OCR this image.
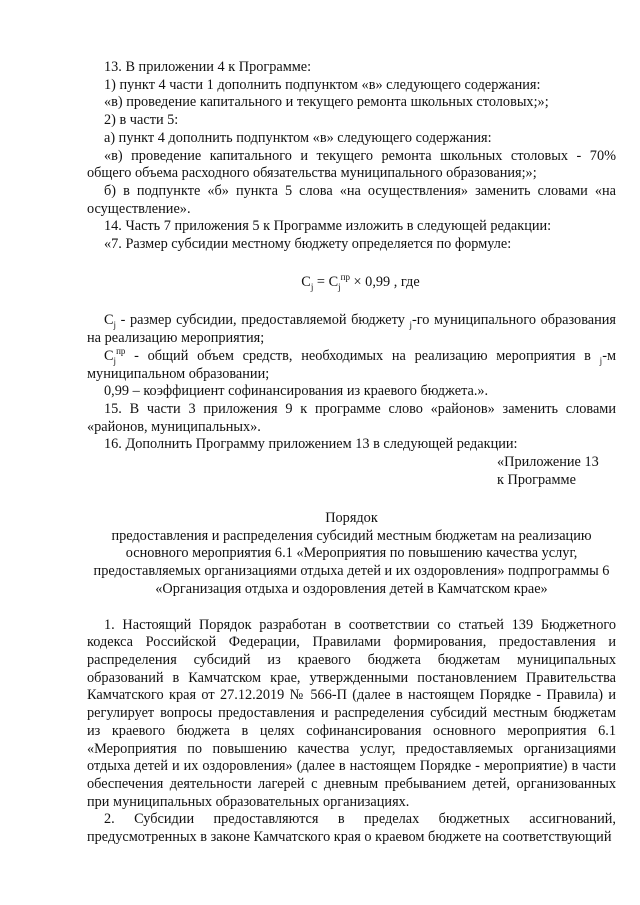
13. В приложении 4 к Программе:

1) пункт 4 части 1 дополнить подпунктом «в» следующего содержания:

«в) проведение капитального и текущего ремонта школьных столовых;»;

2) в части 5:

а) пункт 4 дополнить подпунктом «в» следующего содержания:

«в) проведение капитального и текущего ремонта школьных столовых - 70% общего объема расходного обязательства муниципального образования;»;

б) в подпункте «б» пункта 5 слова «на осуществления» заменить словами «на осуществление».

14. Часть 7 приложения 5 к Программе изложить в следующей редакции:

«7. Размер субсидии местному бюджету определяется по формуле:

$C_j = C_j^{пр} \times 0,99$ , где

$C_j$ - размер субсидии, предоставляемой бюджету $_j$-го муниципального образования на реализацию мероприятия;

$C_j^{пр}$ - общий объем средств, необходимых на реализацию мероприятия в $_j$-м муниципальном образовании;

0,99 – коэффициент софинансирования из краевого бюджета.».

15. В части 3 приложения 9 к программе слово «районов» заменить словами «районов, муниципальных».

16. Дополнить Программу приложением 13 в следующей редакции:

«Приложение 13

к Программе

Порядок

предоставления и распределения субсидий местным бюджетам на реализацию

основного мероприятия 6.1 «Мероприятия по повышению качества услуг,

предоставляемых организациями отдыха детей и их оздоровления» подпрограммы 6

«Организация отдыха и оздоровления детей в Камчатском крае»

1. Настоящий Порядок разработан в соответствии со статьей 139 Бюджетного кодекса Российской Федерации, Правилами формирования, предоставления и распределения субсидий из краевого бюджета бюджетам муниципальных образований в Камчатском крае, утвержденными постановлением Правительства Камчатского края от 27.12.2019 № 566-П (далее в настоящем Порядке - Правила) и регулирует вопросы предоставления и распределения субсидий местным бюджетам из краевого бюджета в целях софинансирования основного мероприятия 6.1 «Мероприятия по повышению качества услуг, предоставляемых организациями отдыха детей и их оздоровления» (далее в настоящем Порядке - мероприятие) в части обеспечения деятельности лагерей с дневным пребыванием детей, организованных при муниципальных образовательных организациях.

2. Субсидии предоставляются в пределах бюджетных ассигнований, предусмотренных в законе Камчатского края о краевом бюджете на соответствующий
